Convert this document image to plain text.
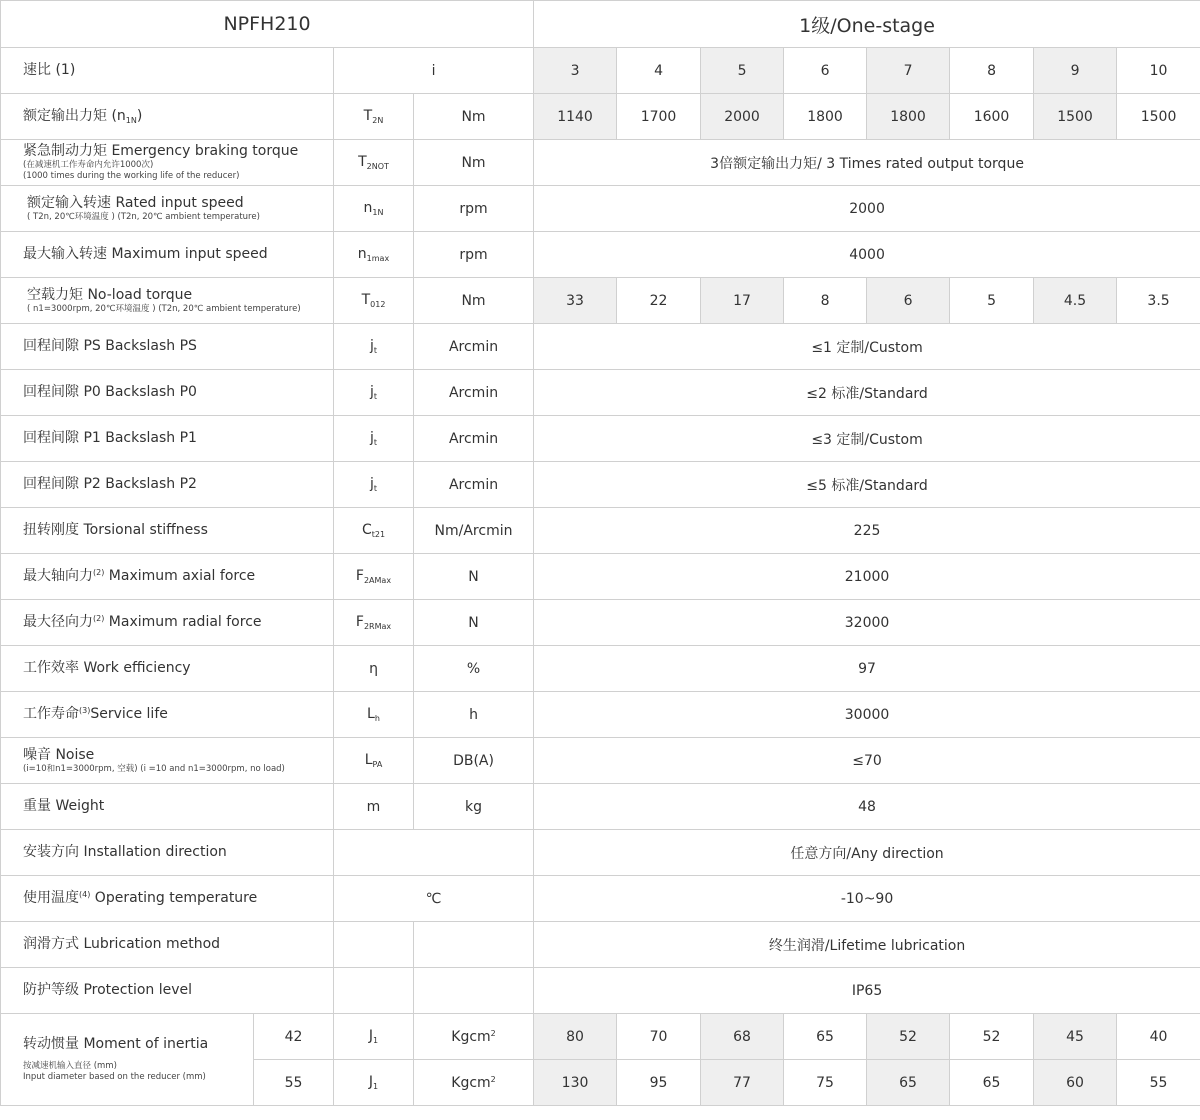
NPFH210				1级/One-stage							
速比 (1)		i		3	4	5	6	7	8	9	10
额定输出力矩 $(n_{1N})$		$T_{2N}$	Nm	1140	1700	2000	1800	1800	1600	1500	1500
紧急制动力矩 Emergency braking torque
(在减速机工作寿命内允许1000次)
(1000 times during the working life of the reducer)		$T_{2NOT}$	Nm	3倍额定输出力矩/ 3 Times rated output torque							
额定输入转速 Rated input speed
( T2n, 20℃环境温度 ) (T2n, 20℃ ambient temperature)		$n_{1N}$	rpm	2000							
最大输入转速 Maximum input speed		$n_{1max}$	rpm	4000							
空载力矩 No-load torque
( n1=3000rpm, 20℃环境温度 ) (T2n, 20℃ ambient temperature)		$T_{012}$	Nm	33	22	17	8	6	5	4.5	3.5
回程间隙 PS Backslash PS		$j_t$	Arcmin	≤1 定制/Custom							
回程间隙 P0 Backslash P0		$j_t$	Arcmin	≤2 标准/Standard							
回程间隙 P1 Backslash P1		$j_t$	Arcmin	≤3 定制/Custom							
回程间隙 P2 Backslash P2		$j_t$	Arcmin	≤5 标准/Standard							
扭转刚度 Torsional stiffness		$C_{t21}$	Nm/Arcmin	225							
最大轴向力$^{(2)}$ Maximum axial force		$F_{2AMax}$	N	21000							
最大径向力$^{(2)}$ Maximum radial force		$F_{2RMax}$	N	32000							
工作效率 Work efficiency		η	%	97							
工作寿命$^{(3)}$Service life		$L_h$	h	30000							
噪音 Noise
(i=10和n1=3000rpm, 空载) (i =10 and n1=3000rpm, no load)		$L_{PA}$	DB(A)	≤70							
重量 Weight		m	kg	48							
安装方向 Installation direction				任意方向/Any direction							
使用温度$^{(4)}$ Operating temperature		℃		-10~90							
润滑方式 Lubrication method				终生润滑/Lifetime lubrication							
防护等级 Protection level				IP65							
转动惯量 Moment of inertia
按减速机输入直径 (mm)
Input diameter based on the reducer (mm)	42	$J_1$	Kgcm$^2$	80	70	68	65	52	52	45	40
	55	$J_1$	Kgcm$^2$	130	95	77	75	65	65	60	55
